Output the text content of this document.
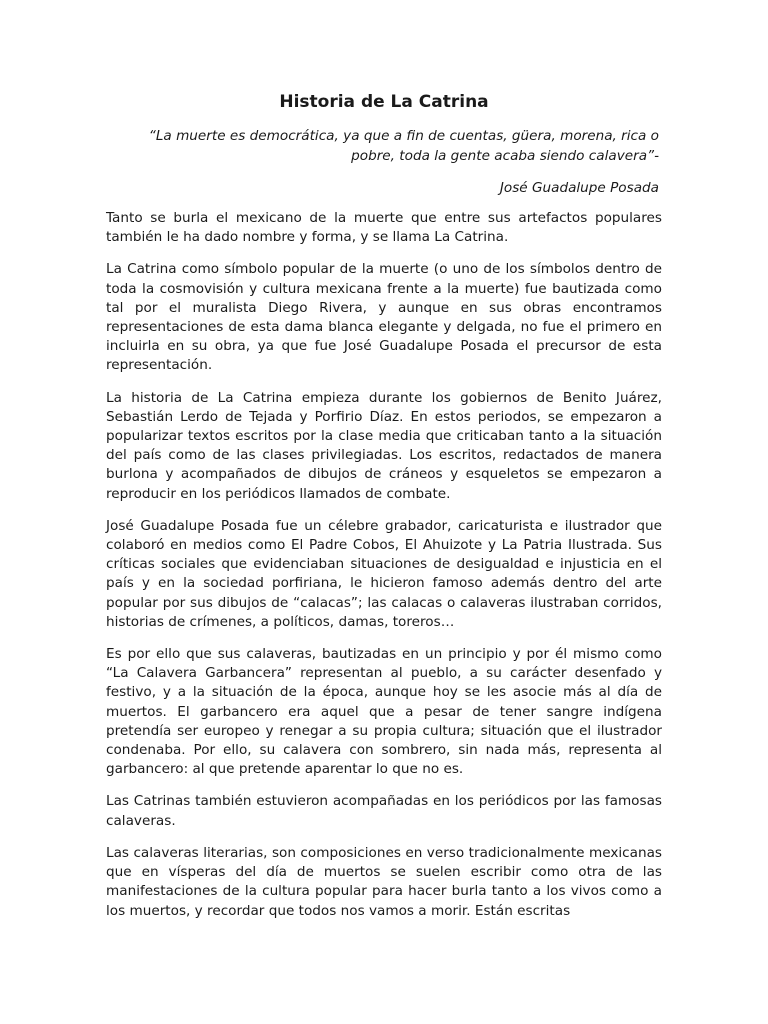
Historia de La Catrina
“La muerte es democrática, ya que a fin de cuentas, güera, morena, rica o pobre, toda la gente acaba siendo calavera”-
José Guadalupe Posada

Tanto se burla el mexicano de la muerte que entre sus artefactos populares también le ha dado nombre y forma, y se llama La Catrina.

La Catrina como símbolo popular de la muerte (o uno de los símbolos dentro de toda la cosmovisión y cultura mexicana frente a la muerte) fue bautizada como tal por el muralista Diego Rivera, y aunque en sus obras encontramos representaciones de esta dama blanca elegante y delgada, no fue el primero en incluirla en su obra, ya que fue José Guadalupe Posada el precursor de esta representación.

La historia de La Catrina empieza durante los gobiernos de Benito Juárez, Sebastián Lerdo de Tejada y Porfirio Díaz. En estos periodos, se empezaron a popularizar textos escritos por la clase media que criticaban tanto a la situación del país como de las clases privilegiadas. Los escritos, redactados de manera burlona y acompañados de dibujos de cráneos y esqueletos se empezaron a reproducir en los periódicos llamados de combate.

José Guadalupe Posada fue un célebre grabador, caricaturista e ilustrador que colaboró en medios como El Padre Cobos, El Ahuizote y La Patria Ilustrada. Sus críticas sociales que evidenciaban situaciones de desigualdad e injusticia en el país y en la sociedad porfiriana, le hicieron famoso además dentro del arte popular por sus dibujos de “calacas”; las calacas o calaveras ilustraban corridos, historias de crímenes, a políticos, damas, toreros…

Es por ello que sus calaveras, bautizadas en un principio y por él mismo como “La Calavera Garbancera” representan al pueblo, a su carácter desenfado y festivo, y a la situación de la época, aunque hoy se les asocie más al día de muertos. El garbancero era aquel que a pesar de tener sangre indígena pretendía ser europeo y renegar a su propia cultura; situación que el ilustrador condenaba. Por ello, su calavera con sombrero, sin nada más, representa al garbancero: al que pretende aparentar lo que no es.

Las Catrinas también estuvieron acompañadas en los periódicos por las famosas calaveras.

Las calaveras literarias, son composiciones en verso tradicionalmente mexicanas que en vísperas del día de muertos se suelen escribir como otra de las manifestaciones de la cultura popular para hacer burla tanto a los vivos como a los muertos, y recordar que todos nos vamos a morir. Están escritas
